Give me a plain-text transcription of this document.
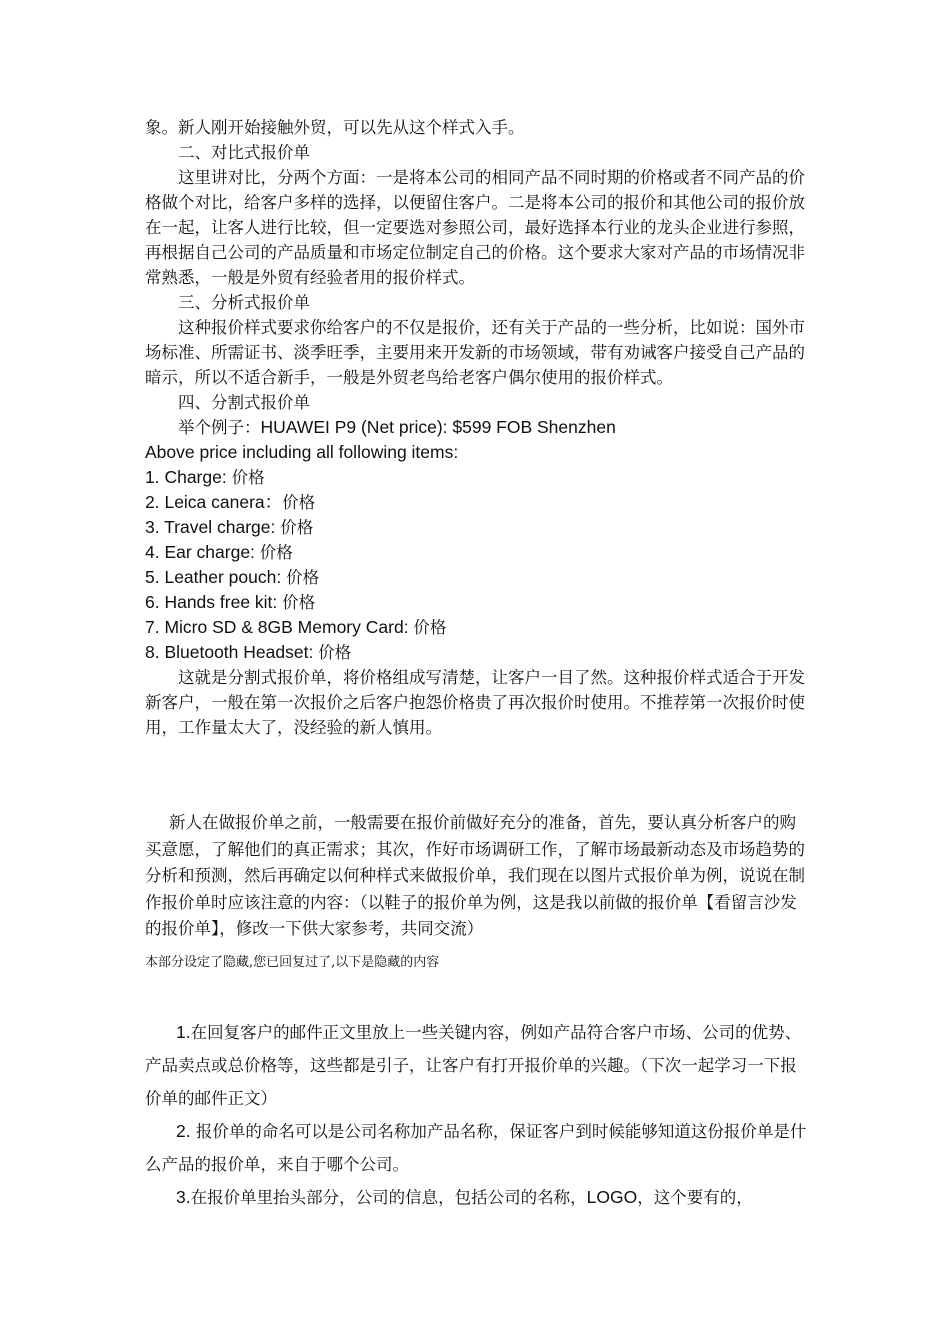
象。新人刚开始接触外贸，可以先从这个样式入手。

二、对比式报价单

这里讲对比，分两个方面：一是将本公司的相同产品不同时期的价格或者不同产品的价格做个对比，给客户多样的选择，以便留住客户。二是将本公司的报价和其他公司的报价放在一起，让客人进行比较，但一定要选对参照公司，最好选择本行业的龙头企业进行参照，再根据自己公司的产品质量和市场定位制定自己的价格。这个要求大家对产品的市场情况非常熟悉，一般是外贸有经验者用的报价样式。

三、分析式报价单

这种报价样式要求你给客户的不仅是报价，还有关于产品的一些分析，比如说：国外市场标准、所需证书、淡季旺季，主要用来开发新的市场领域，带有劝诫客户接受自己产品的暗示，所以不适合新手，一般是外贸老鸟给老客户偶尔使用的报价样式。

四、分割式报价单

举个例子：HUAWEI P9 (Net price): $599 FOB Shenzhen

Above price including all following items:

1. Charge: 价格

2. Leica canera：价格

3. Travel charge: 价格

4. Ear charge: 价格

5. Leather pouch: 价格

6. Hands free kit: 价格

7. Micro SD & 8GB Memory Card: 价格

8. Bluetooth Headset: 价格

这就是分割式报价单，将价格组成写清楚，让客户一目了然。这种报价样式适合于开发新客户，一般在第一次报价之后客户抱怨价格贵了再次报价时使用。不推荐第一次报价时使用，工作量太大了，没经验的新人慎用。

新人在做报价单之前，一般需要在报价前做好充分的准备，首先，要认真分析客户的购买意愿，了解他们的真正需求；其次，作好市场调研工作，了解市场最新动态及市场趋势的分析和预测，然后再确定以何种样式来做报价单，我们现在以图片式报价单为例，说说在制作报价单时应该注意的内容：（以鞋子的报价单为例，这是我以前做的报价单【看留言沙发的报价单】，修改一下供大家参考，共同交流）

本部分设定了隐藏,您已回复过了,以下是隐藏的内容

1.在回复客户的邮件正文里放上一些关键内容，例如产品符合客户市场、公司的优势、产品卖点或总价格等，这些都是引子，让客户有打开报价单的兴趣。（下次一起学习一下报价单的邮件正文）

2. 报价单的命名可以是公司名称加产品名称，保证客户到时候能够知道这份报价单是什么产品的报价单，来自于哪个公司。

3.在报价单里抬头部分，公司的信息，包括公司的名称，LOGO，这个要有的，
